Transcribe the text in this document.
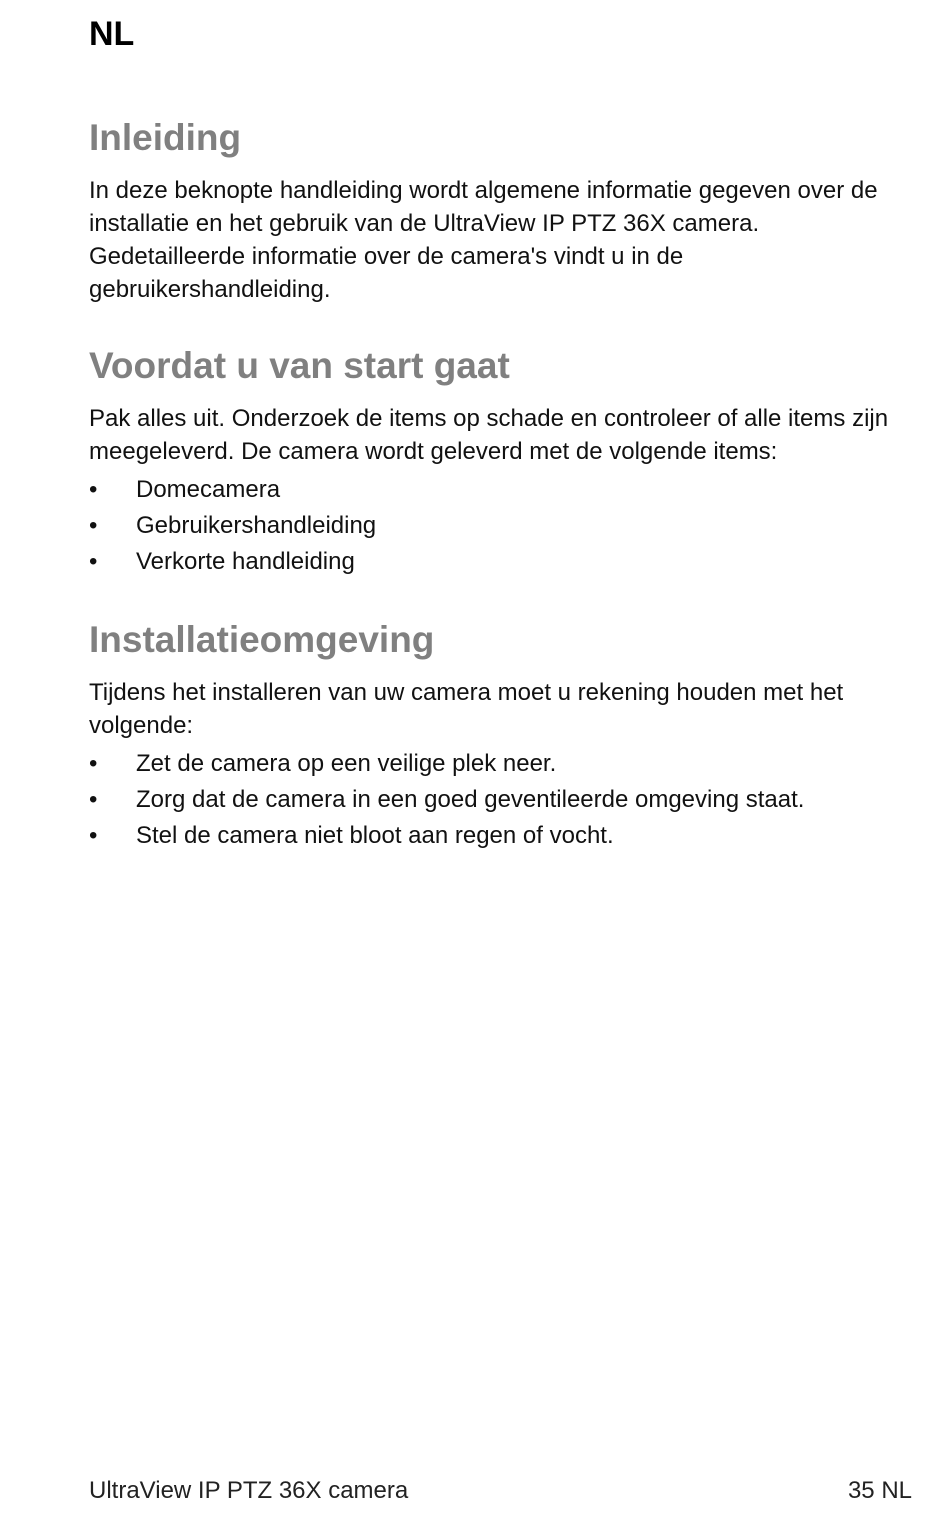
NL
Inleiding

In deze beknopte handleiding wordt algemene informatie gegeven over de installatie en het gebruik van de UltraView IP PTZ 36X camera. Gedetailleerde informatie over de camera's vindt u in de gebruikershandleiding.

Voordat u van start gaat

Pak alles uit. Onderzoek de items op schade en controleer of alle items zijn meegeleverd. De camera wordt geleverd met de volgende items:

• Domecamera
• Gebruikershandleiding
• Verkorte handleiding
Installatieomgeving

Tijdens het installeren van uw camera moet u rekening houden met het volgende:

• Zet de camera op een veilige plek neer.
• Zorg dat de camera in een goed geventileerde omgeving staat.
• Stel de camera niet bloot aan regen of vocht.
UltraView IP PTZ 36X camera	35 NL
